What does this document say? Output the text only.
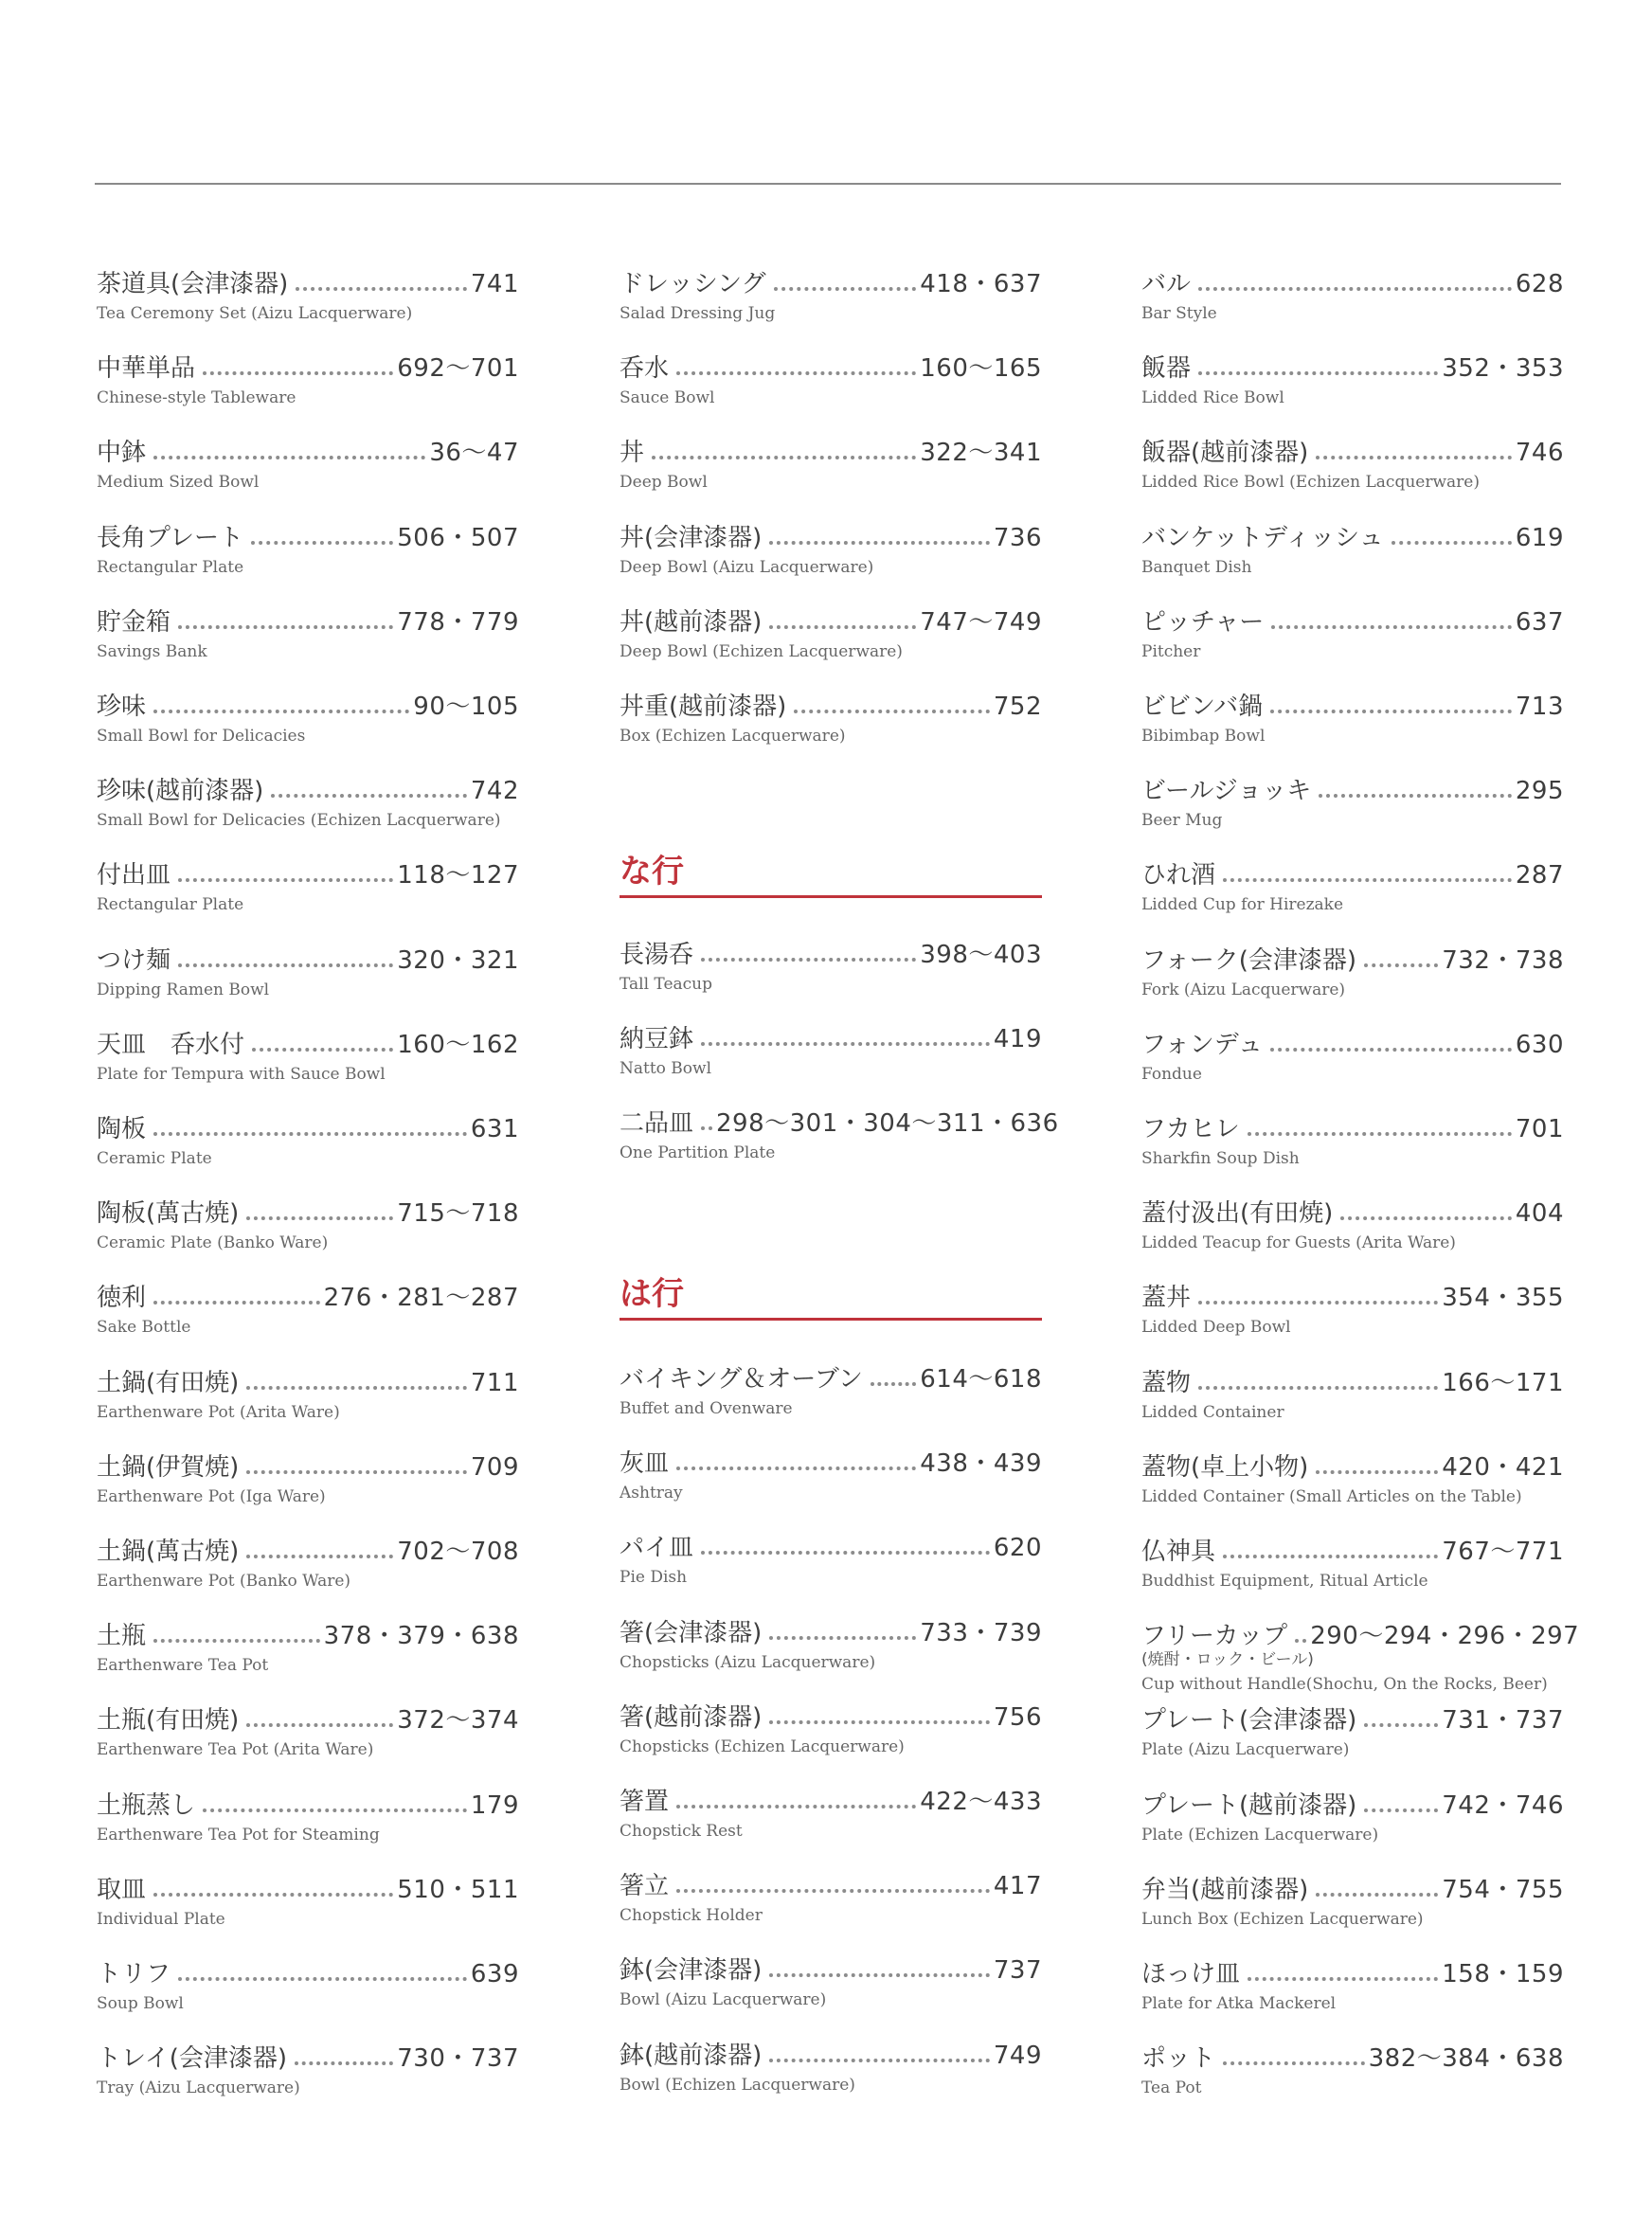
茶道具(会津漆器)	741
Tea Ceremony Set (Aizu Lacquerware)
中華単品	692～701
Chinese-style Tableware
中鉢	36～47
Medium Sized Bowl
長角プレート	506・507
Rectangular Plate
貯金箱	778・779
Savings Bank
珍味	90～105
Small Bowl for Delicacies
珍味(越前漆器)	742
Small Bowl for Delicacies (Echizen Lacquerware)
付出皿	118～127
Rectangular Plate
つけ麺	320・321
Dipping Ramen Bowl
天皿　呑水付	160～162
Plate for Tempura with Sauce Bowl
陶板	631
Ceramic Plate
陶板(萬古焼)	715～718
Ceramic Plate (Banko Ware)
徳利	276・281～287
Sake Bottle
土鍋(有田焼)	711
Earthenware Pot (Arita Ware)
土鍋(伊賀焼)	709
Earthenware Pot (Iga Ware)
土鍋(萬古焼)	702～708
Earthenware Pot (Banko Ware)
土瓶	378・379・638
Earthenware Tea Pot
土瓶(有田焼)	372～374
Earthenware Tea Pot (Arita Ware)
土瓶蒸し	179
Earthenware Tea Pot for Steaming
取皿	510・511
Individual Plate
トリフ	639
Soup Bowl
トレイ(会津漆器)	730・737
Tray (Aizu Lacquerware)
ドレッシング	418・637
Salad Dressing Jug
呑水	160～165
Sauce Bowl
丼	322～341
Deep Bowl
丼(会津漆器)	736
Deep Bowl (Aizu Lacquerware)
丼(越前漆器)	747～749
Deep Bowl (Echizen Lacquerware)
丼重(越前漆器)	752
Box (Echizen Lacquerware)
な行
長湯呑	398～403
Tall Teacup
納豆鉢	419
Natto Bowl
二品皿 298～301・304～311・636
One Partition Plate
は行
バイキング＆オーブン 614～618
Buffet and Ovenware
灰皿	438・439
Ashtray
パイ皿	620
Pie Dish
箸(会津漆器)	733・739
Chopsticks (Aizu Lacquerware)
箸(越前漆器)	756
Chopsticks (Echizen Lacquerware)
箸置	422～433
Chopstick Rest
箸立	417
Chopstick Holder
鉢(会津漆器)	737
Bowl (Aizu Lacquerware)
鉢(越前漆器)	749
Bowl (Echizen Lacquerware)
バル	628
Bar Style
飯器	352・353
Lidded Rice Bowl
飯器(越前漆器)	746
Lidded Rice Bowl (Echizen Lacquerware)
バンケットディッシュ	619
Banquet Dish
ピッチャー	637
Pitcher
ビビンバ鍋	713
Bibimbap Bowl
ビールジョッキ	295
Beer Mug
ひれ酒	287
Lidded Cup for Hirezake
フォーク(会津漆器)	732・738
Fork (Aizu Lacquerware)
フォンデュ	630
Fondue
フカヒレ	701
Sharkfin Soup Dish
蓋付汲出(有田焼)	404
Lidded Teacup for Guests (Arita Ware)
蓋丼	354・355
Lidded Deep Bowl
蓋物	166～171
Lidded Container
蓋物(卓上小物)	420・421
Lidded Container (Small Articles on the Table)
仏神具	767～771
Buddhist Equipment, Ritual Article
フリーカップ 290～294・296・297
(焼酎・ロック・ビール)
Cup without Handle(Shochu, On the Rocks, Beer)
プレート(会津漆器)	731・737
Plate (Aizu Lacquerware)
プレート(越前漆器)	742・746
Plate (Echizen Lacquerware)
弁当(越前漆器)	754・755
Lunch Box (Echizen Lacquerware)
ほっけ皿	158・159
Plate for Atka Mackerel
ポット	382～384・638
Tea Pot
